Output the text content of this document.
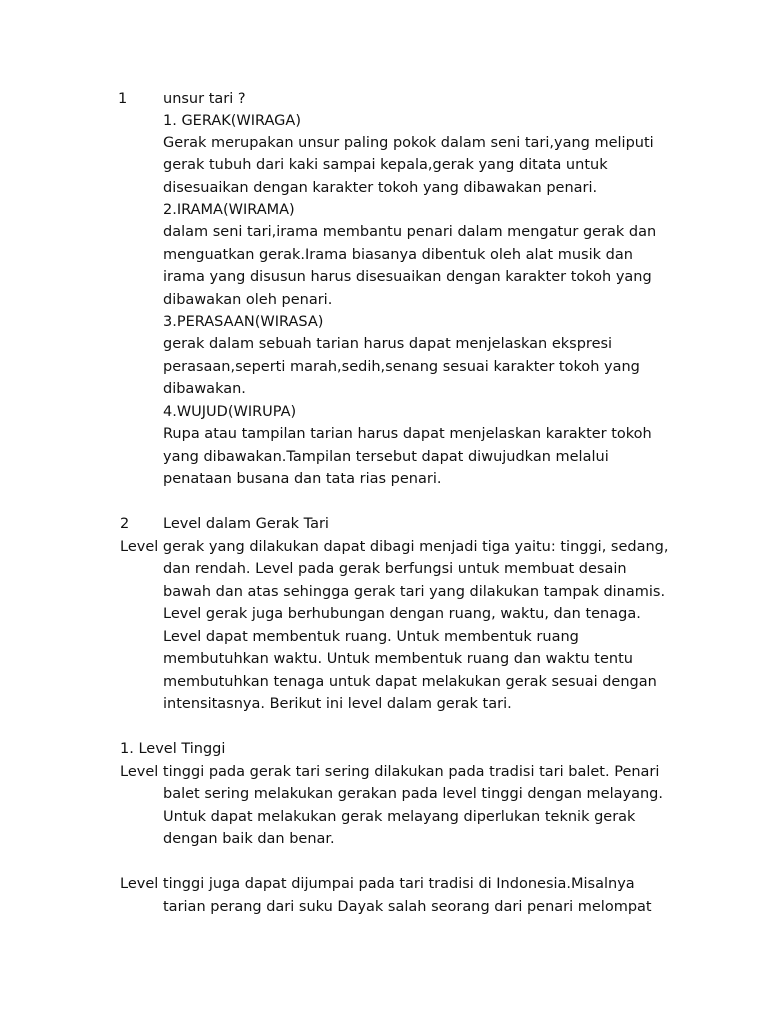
1 unsur tari ?
1. GERAK(WIRAGA)
Gerak merupakan unsur paling pokok dalam seni tari,yang meliputi
gerak tubuh dari kaki sampai kepala,gerak yang ditata untuk
disesuaikan dengan karakter tokoh yang dibawakan penari.
2.IRAMA(WIRAMA)
dalam seni tari,irama membantu penari dalam mengatur gerak dan
menguatkan gerak.Irama biasanya dibentuk oleh alat musik dan
irama yang disusun harus disesuaikan dengan karakter tokoh yang
dibawakan oleh penari.
3.PERASAAN(WIRASA)
gerak dalam sebuah tarian harus dapat menjelaskan ekspresi
perasaan,seperti marah,sedih,senang sesuai karakter tokoh yang
dibawakan.
4.WUJUD(WIRUPA)
Rupa atau tampilan tarian harus dapat menjelaskan karakter tokoh
yang dibawakan.Tampilan tersebut dapat diwujudkan melalui
penataan busana dan tata rias penari.
2 Level dalam Gerak Tari
Level gerak yang dilakukan dapat dibagi menjadi tiga yaitu: tinggi, sedang,
dan rendah. Level pada gerak berfungsi untuk membuat desain
bawah dan atas sehingga gerak tari yang dilakukan tampak dinamis.
Level gerak juga berhubungan dengan ruang, waktu, dan tenaga.
Level dapat membentuk ruang. Untuk membentuk ruang
membutuhkan waktu. Untuk membentuk ruang dan waktu tentu
membutuhkan tenaga untuk dapat melakukan gerak sesuai dengan
intensitasnya. Berikut ini level dalam gerak tari.
1. Level Tinggi
Level tinggi pada gerak tari sering dilakukan pada tradisi tari balet. Penari
balet sering melakukan gerakan pada level tinggi dengan melayang.
Untuk dapat melakukan gerak melayang diperlukan teknik gerak
dengan baik dan benar.
Level tinggi juga dapat dijumpai pada tari tradisi di Indonesia.Misalnya
tarian perang dari suku Dayak salah seorang dari penari melompat
